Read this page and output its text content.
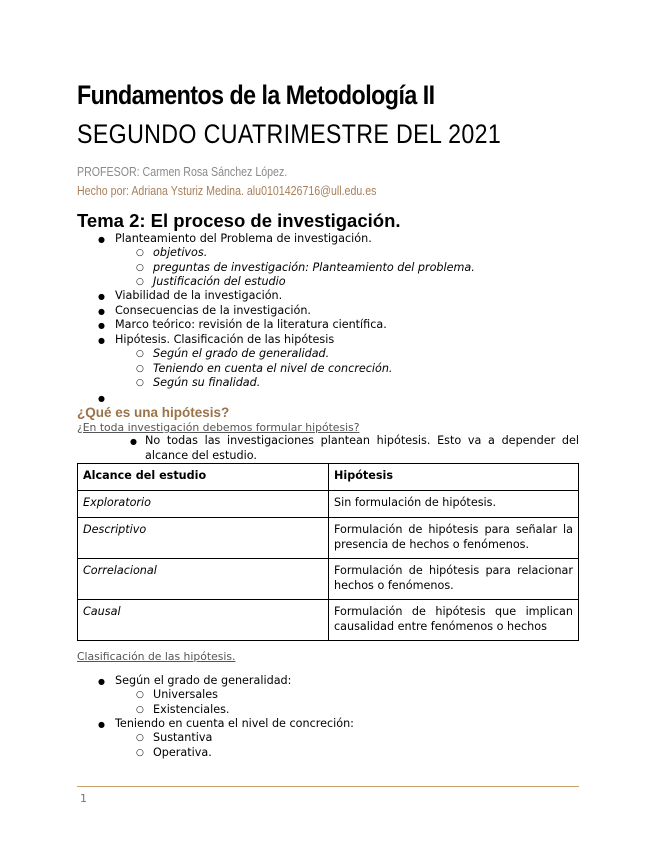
Fundamentos de la Metodología II
SEGUNDO CUATRIMESTRE DEL 2021
PROFESOR: Carmen Rosa Sánchez López.
Hecho por: Adriana Ysturiz Medina. alu0101426716@ull.edu.es
Tema 2: El proceso de investigación.
● Planteamiento del Problema de investigación.
○ objetivos.
○ preguntas de investigación: Planteamiento del problema.
○ Justificación del estudio
● Viabilidad de la investigación.
● Consecuencias de la investigación.
● Marco teórico: revisión de la literatura científica.
● Hipótesis. Clasificación de las hipótesis
○ Según el grado de generalidad.
○ Teniendo en cuenta el nivel de concreción.
○ Según su finalidad.
●
¿Qué es una hipótesis?
¿En toda investigación debemos formular hipótesis?
● No todas las investigaciones plantean hipótesis. Esto va a depender del alcance del estudio.
Alcance del estudio	Hipótesis
Exploratorio	Sin formulación de hipótesis.
Descriptivo	Formulación de hipótesis para señalar la presencia de hechos o fenómenos.
Correlacional	Formulación de hipótesis para relacionar hechos o fenómenos.
Causal	Formulación de hipótesis que implican causalidad entre fenómenos o hechos
Clasificación de las hipótesis.
● Según el grado de generalidad:
○ Universales
○ Existenciales.
● Teniendo en cuenta el nivel de concreción:
○ Sustantiva
○ Operativa.
1
